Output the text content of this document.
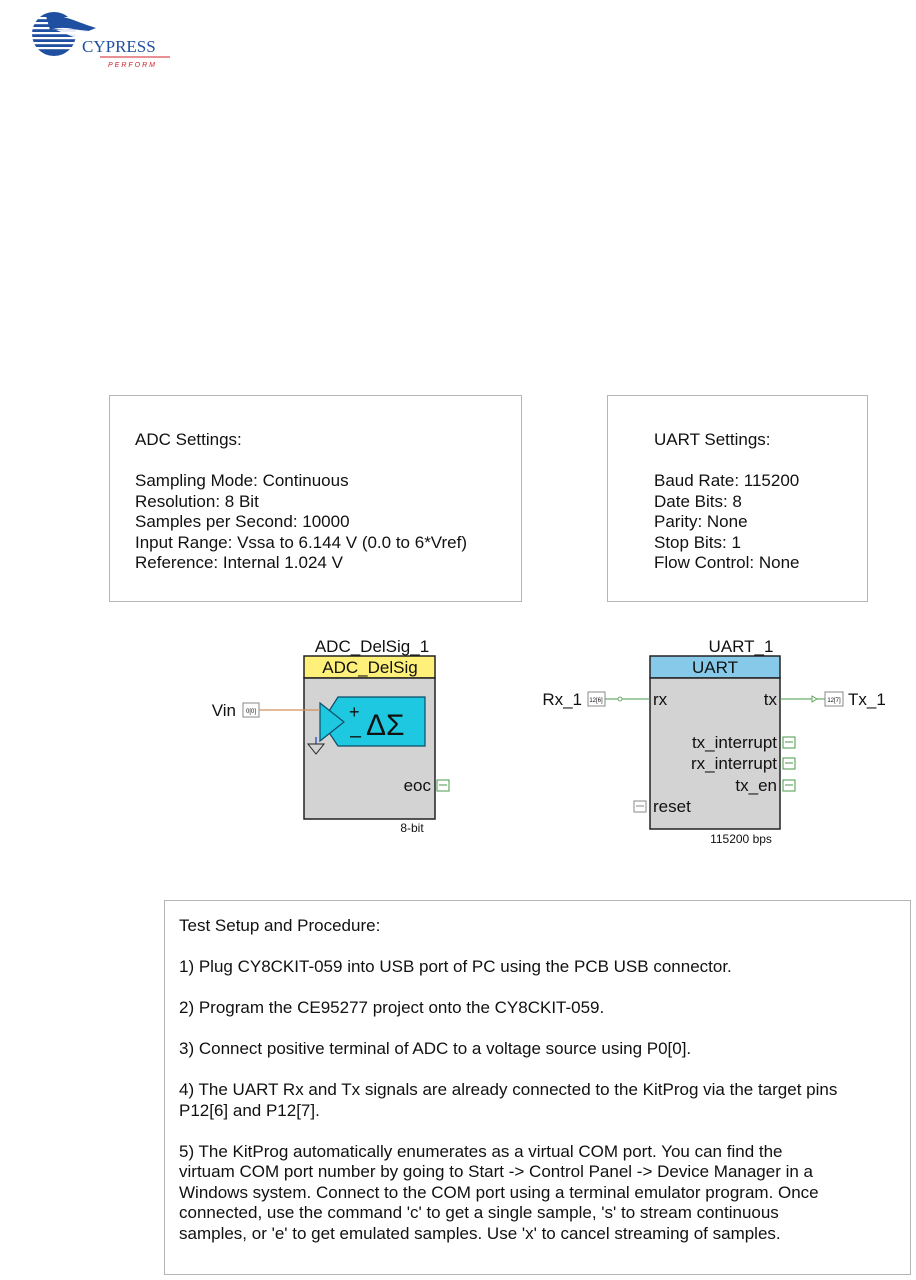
CYPRESS
PERFORM
ADC Settings:
Sampling Mode: Continuous
Resolution: 8 Bit
Samples per Second: 10000
Input Range: Vssa to 6.144 V (0.0 to 6*Vref)
Reference: Internal 1.024 V
UART Settings:
Baud Rate: 115200
Date Bits: 8
Parity: None
Stop Bits: 1
Flow Control: None
ADC_DelSig_1
ADC_DelSig
+
– ΔΣ
eoc
8-bit
Vin 0[0]
UART_1
UART
rx	tx
tx_interrupt
rx_interrupt
tx_en
reset
115200 bps
Rx_1 12[6]	12[7] Tx_1
Test Setup and Procedure:
1) Plug CY8CKIT-059 into USB port of PC using the PCB USB connector.
2) Program the CE95277 project onto the CY8CKIT-059.
3) Connect positive terminal of ADC to a voltage source using P0[0].
4) The UART Rx and Tx signals are already connected to the KitProg via the target pins
P12[6] and P12[7].
5) The KitProg automatically enumerates as a virtual COM port. You can find the
virtuam COM port number by going to Start -> Control Panel -> Device Manager in a
Windows system. Connect to the COM port using a terminal emulator program. Once
connected, use the command 'c' to get a single sample, 's' to stream continuous
samples, or 'e' to get emulated samples. Use 'x' to cancel streaming of samples.
